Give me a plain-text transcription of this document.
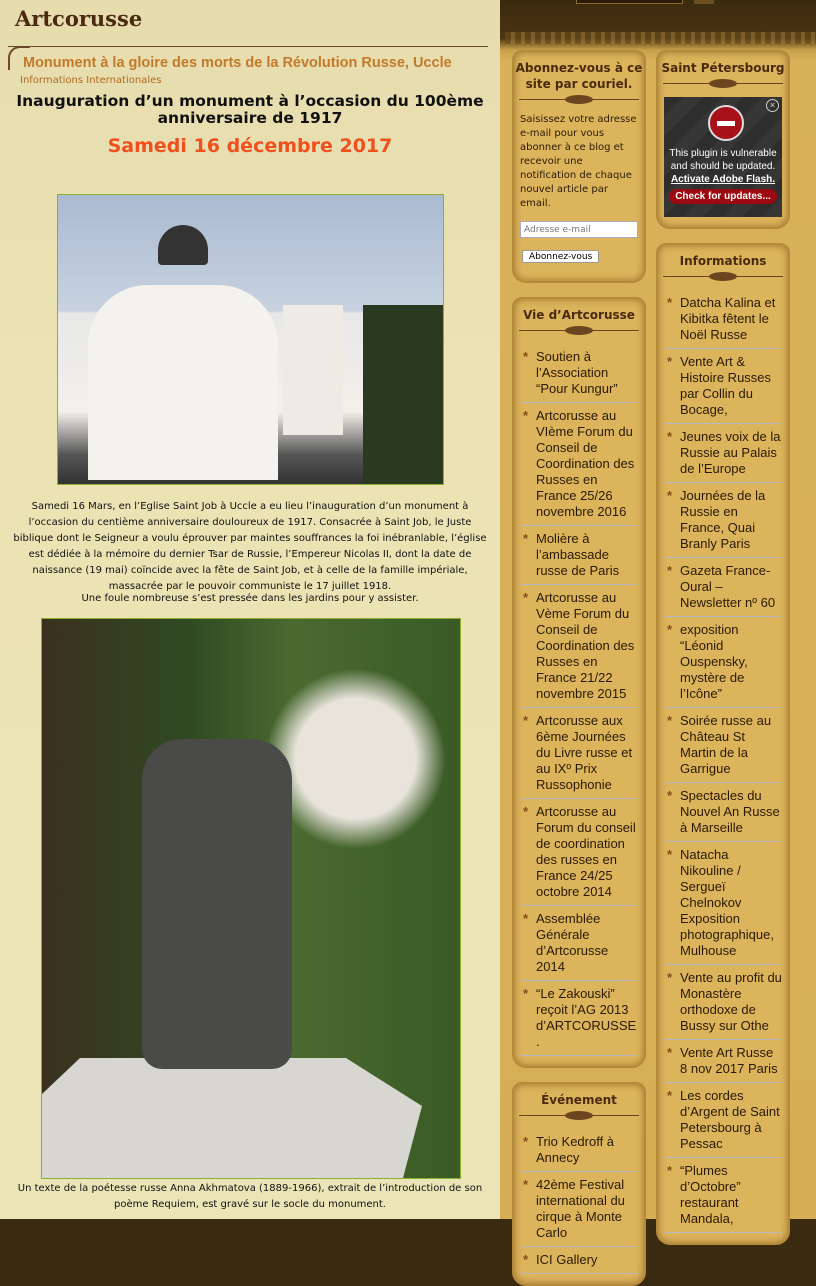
Artcorusse
Monument à la gloire des morts de la Révolution Russe, Uccle
Informations Internationales
Inauguration d’un monument à l’occasion du 100ème anniversaire de 1917
Samedi 16 décembre 2017
Samedi 16 Mars, en l’Eglise Saint Job à Uccle a eu lieu l’inauguration d’un monument à l’occasion du centième anniversaire douloureux de 1917. Consacrée à Saint Job, le Juste biblique dont le Seigneur a voulu éprouver par maintes souffrances la foi inébranlable, l’église est dédiée à la mémoire du dernier Tsar de Russie, l’Empereur Nicolas II, dont la date de naissance (19 mai) coïncide avec la fête de Saint Job, et à celle de la famille impériale, massacrée par le pouvoir communiste le 17 juillet 1918.
Une foule nombreuse s’est pressée dans les jardins pour y assister.
Un texte de la poétesse russe Anna Akhmatova (1889-1966), extrait de l’introduction de son poème Requiem, est gravé sur le socle du monument.
Abonnez-vous à ce site par couriel.
Saisissez votre adresse e-mail pour vous abonner à ce blog et recevoir une notification de chaque nouvel article par email.
Adresse e-mail
Abonnez-vous
Vie d’Artcorusse
* Soutien à l’Association “Pour Kungur”
* Artcorusse au VIème Forum du Conseil de Coordination des Russes en France 25/26 novembre 2016
* Molière à l’ambassade russe de Paris
* Artcorusse au Vème Forum du Conseil de Coordination des Russes en France 21/22 novembre 2015
* Artcorusse aux 6ème Journées du Livre russe et au IXº Prix Russophonie
* Artcorusse au Forum du conseil de coordination des russes en France 24/25 octobre 2014
* Assemblée Générale d’Artcorusse 2014
* “Le Zakouski” reçoit l’AG 2013 d’ARTCORUSSE .
Événement
* Trio Kedroff à Annecy
* 42ème Festival international du cirque à Monte Carlo
* ICI Gallery
Saint Pétersbourg
×
This plugin is vulnerable
and should be updated.
Activate Adobe Flash.
Check for updates...
Informations
* Datcha Kalina et Kibitka fêtent le Noël Russe
* Vente Art & Histoire Russes par Collin du Bocage,
* Jeunes voix de la Russie au Palais de l’Europe
* Journées de la Russie en France, Quai Branly Paris
* Gazeta France-Oural – Newsletter nº 60
* exposition “Léonid Ouspensky, mystère de l’Icône”
* Soirée russe au Château St Martin de la Garrigue
* Spectacles du Nouvel An Russe à Marseille
* Natacha Nikouline / Sergueï Chelnokov Exposition photographique, Mulhouse
* Vente au profit du Monastère orthodoxe de Bussy sur Othe
* Vente Art Russe 8 nov 2017 Paris
* Les cordes d’Argent de Saint Petersbourg à Pessac
* “Plumes d’Octobre” restaurant Mandala,
